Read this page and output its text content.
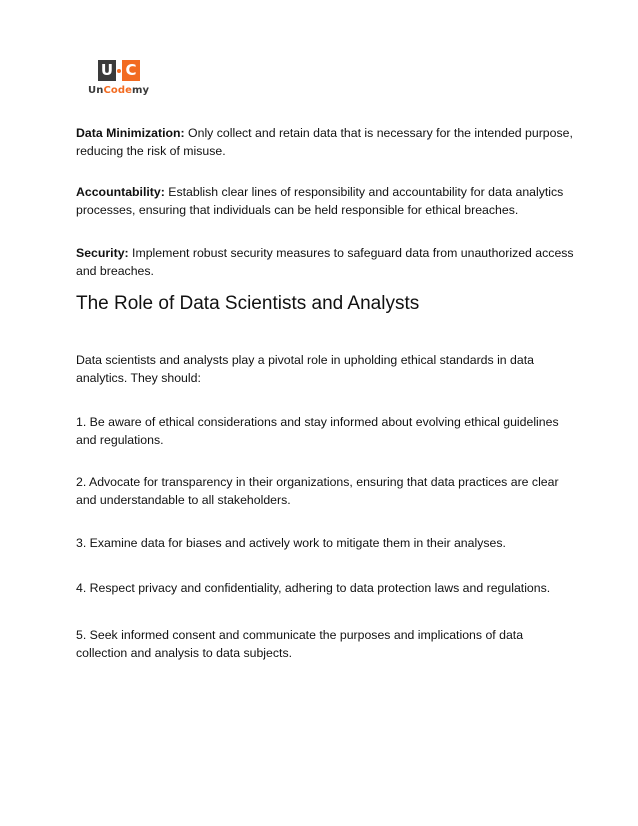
U C
UnCodemy

Data Minimization: Only collect and retain data that is necessary for the intended purpose, reducing the risk of misuse.

Accountability: Establish clear lines of responsibility and accountability for data analytics processes, ensuring that individuals can be held responsible for ethical breaches.

Security: Implement robust security measures to safeguard data from unauthorized access and breaches.

The Role of Data Scientists and Analysts

Data scientists and analysts play a pivotal role in upholding ethical standards in data analytics. They should:

1. Be aware of ethical considerations and stay informed about evolving ethical guidelines and regulations.

2. Advocate for transparency in their organizations, ensuring that data practices are clear and understandable to all stakeholders.

3. Examine data for biases and actively work to mitigate them in their analyses.

4. Respect privacy and confidentiality, adhering to data protection laws and regulations.

5. Seek informed consent and communicate the purposes and implications of data collection and analysis to data subjects.
